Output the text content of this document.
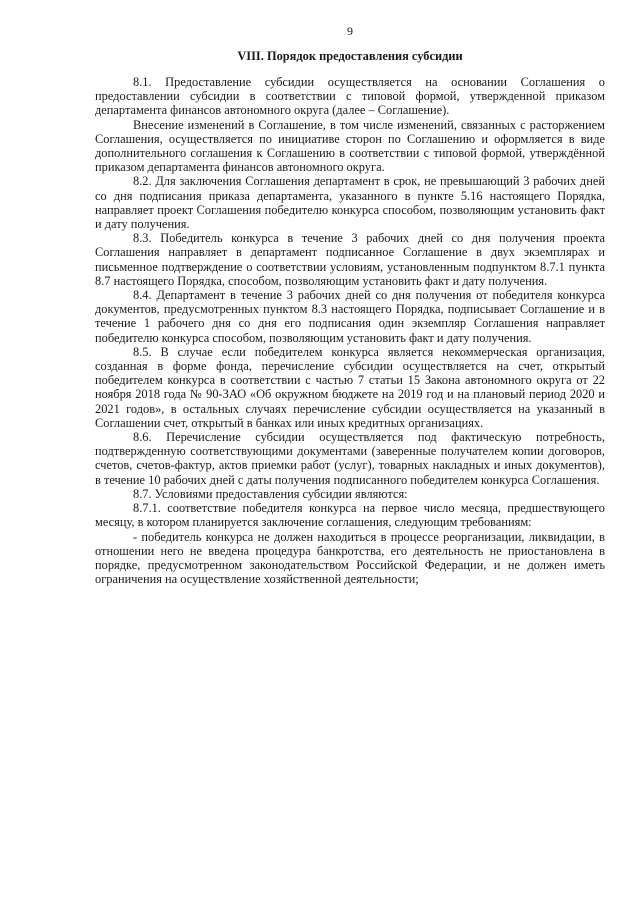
9
VIII. Порядок предоставления субсидии

8.1. Предоставление субсидии осуществляется на основании Соглашения о предоставлении субсидии в соответствии с типовой формой, утвержденной приказом департамента финансов автономного округа (далее – Соглашение).

Внесение изменений в Соглашение, в том числе изменений, связанных с расторжением Соглашения, осуществляется по инициативе сторон по Соглашению и оформляется в виде дополнительного соглашения к Соглашению в соответствии с типовой формой, утверждённой приказом департамента финансов автономного округа.

8.2. Для заключения Соглашения департамент в срок, не превышающий 3 рабочих дней со дня подписания приказа департамента, указанного в пункте 5.16 настоящего Порядка, направляет проект Соглашения победителю конкурса способом, позволяющим установить факт и дату получения.

8.3. Победитель конкурса в течение 3 рабочих дней со дня получения проекта Соглашения направляет в департамент подписанное Соглашение в двух экземплярах и письменное подтверждение о соответствии условиям, установленным подпунктом 8.7.1 пункта 8.7 настоящего Порядка, способом, позволяющим установить факт и дату получения.

8.4. Департамент в течение 3 рабочих дней со дня получения от победителя конкурса документов, предусмотренных пунктом 8.3 настоящего Порядка, подписывает Соглашение и в течение 1 рабочего дня со дня его подписания один экземпляр Соглашения направляет победителю конкурса способом, позволяющим установить факт и дату получения.

8.5. В случае если победителем конкурса является некоммерческая организация, созданная в форме фонда, перечисление субсидии осуществляется на счет, открытый победителем конкурса в соответствии с частью 7 статьи 15 Закона автономного округа от 22 ноября 2018 года № 90-ЗАО «Об окружном бюджете на 2019 год и на плановый период 2020 и 2021 годов», в остальных случаях перечисление субсидии осуществляется на указанный в Соглашении счет, открытый в банках или иных кредитных организациях.

8.6. Перечисление субсидии осуществляется под фактическую потребность, подтвержденную соответствующими документами (заверенные получателем копии договоров, счетов, счетов-фактур, актов приемки работ (услуг), товарных накладных и иных документов), в течение 10 рабочих дней с даты получения подписанного победителем конкурса Соглашения.

8.7. Условиями предоставления субсидии являются:

8.7.1. соответствие победителя конкурса на первое число месяца, предшествующего месяцу, в котором планируется заключение соглашения, следующим требованиям:

- победитель конкурса не должен находиться в процессе реорганизации, ликвидации, в отношении него не введена процедура банкротства, его деятельность не приостановлена в порядке, предусмотренном законодательством Российской Федерации, и не должен иметь ограничения на осуществление хозяйственной деятельности;
